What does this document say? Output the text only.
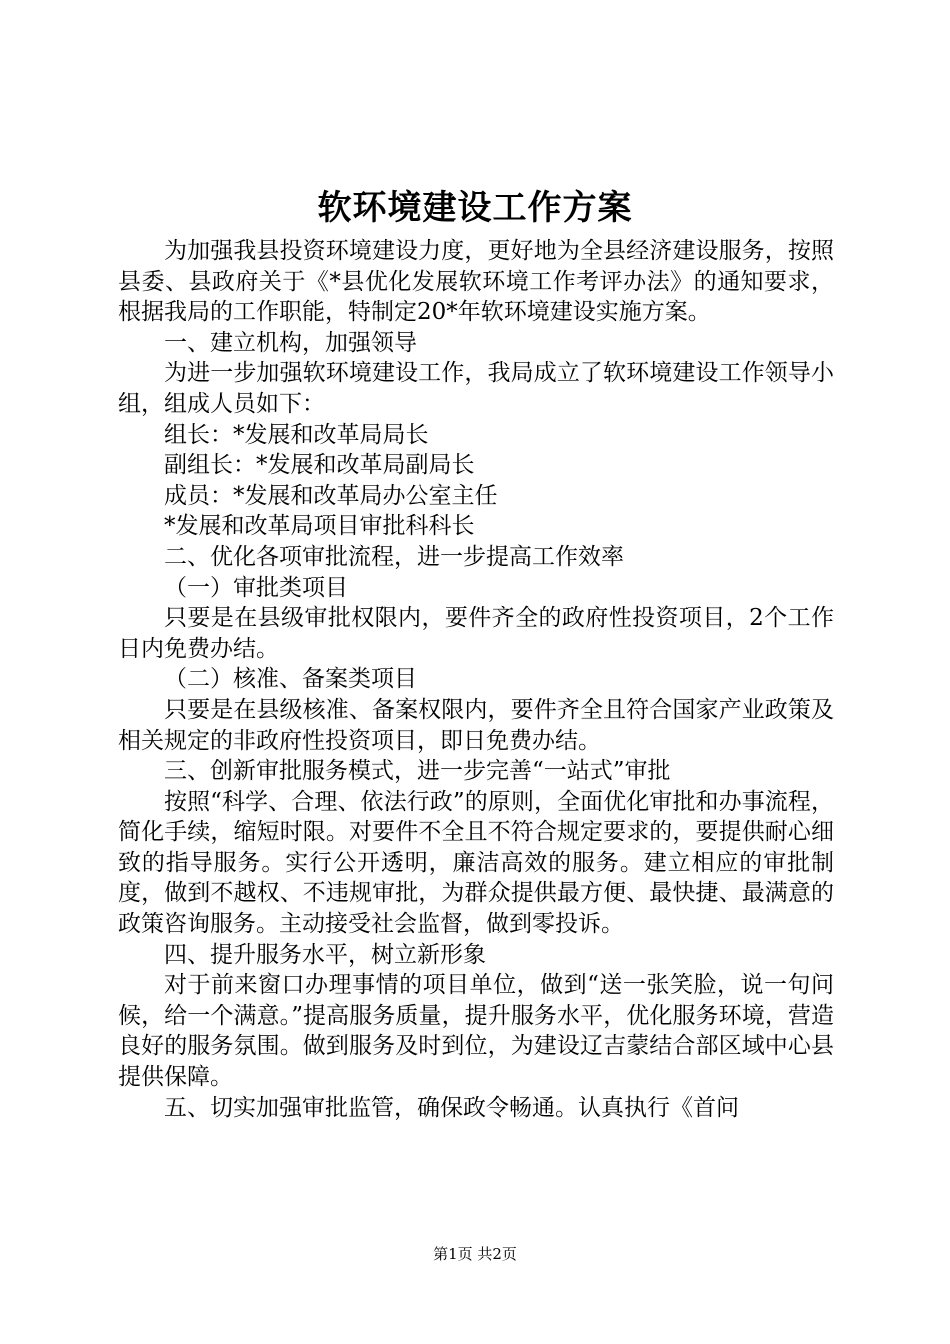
软环境建设工作方案

为加强我县投资环境建设力度，更好地为全县经济建设服务，按照县委、县政府关于《*县优化发展软环境工作考评办法》的通知要求，根据我局的工作职能，特制定20*年软环境建设实施方案。

一、建立机构，加强领导

为进一步加强软环境建设工作，我局成立了软环境建设工作领导小组，组成人员如下：

组长：*发展和改革局局长

副组长：*发展和改革局副局长

成员：*发展和改革局办公室主任

*发展和改革局项目审批科科长

二、优化各项审批流程，进一步提高工作效率

（一）审批类项目

只要是在县级审批权限内，要件齐全的政府性投资项目，2个工作日内免费办结。

（二）核准、备案类项目

只要是在县级核准、备案权限内，要件齐全且符合国家产业政策及相关规定的非政府性投资项目，即日免费办结。

三、创新审批服务模式，进一步完善“一站式”审批

按照“科学、合理、依法行政”的原则，全面优化审批和办事流程，简化手续，缩短时限。对要件不全且不符合规定要求的，要提供耐心细致的指导服务。实行公开透明，廉洁高效的服务。建立相应的审批制度，做到不越权、不违规审批，为群众提供最方便、最快捷、最满意的政策咨询服务。主动接受社会监督，做到零投诉。

四、提升服务水平，树立新形象

对于前来窗口办理事情的项目单位，做到“送一张笑脸，说一句问候，给一个满意。”提高服务质量，提升服务水平，优化服务环境，营造良好的服务氛围。做到服务及时到位，为建设辽吉蒙结合部区域中心县提供保障。

五、切实加强审批监管，确保政令畅通。认真执行《首问

第1页 共2页
